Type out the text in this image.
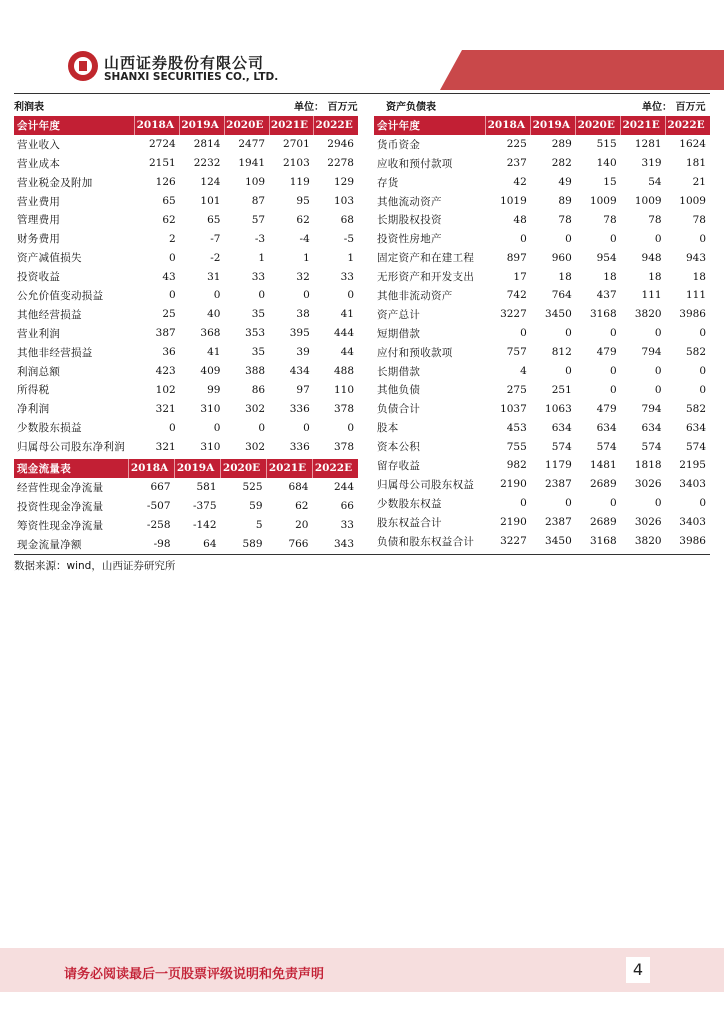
山西证券股份有限公司
SHANXI SECURITIES CO., LTD.
证券研究报告：公司研究/点评报告
利润表	单位： 百万元	资产负债表	单位： 百万元
会计年度	2018A	2019A	2020E	2021E	2022E
营业收入	2724	2814	2477	2701	2946
营业成本	2151	2232	1941	2103	2278
营业税金及附加	126	124	109	119	129
营业费用	65	101	87	95	103
管理费用	62	65	57	62	68
财务费用	2	-7	-3	-4	-5
资产减值损失	0	-2	1	1	1
投资收益	43	31	33	32	33
公允价值变动损益	0	0	0	0	0
其他经营损益	25	40	35	38	41
营业利润	387	368	353	395	444
其他非经营损益	36	41	35	39	44
利润总额	423	409	388	434	488
所得税	102	99	86	97	110
净利润	321	310	302	336	378
少数股东损益	0	0	0	0	0
归属母公司股东净利润	321	310	302	336	378
会计年度	2018A	2019A	2020E	2021E	2022E
货币资金	225	289	515	1281	1624
应收和预付款项	237	282	140	319	181
存货	42	49	15	54	21
其他流动资产	1019	89	1009	1009	1009
长期股权投资	48	78	78	78	78
投资性房地产	0	0	0	0	0
固定资产和在建工程	897	960	954	948	943
无形资产和开发支出	17	18	18	18	18
其他非流动资产	742	764	437	111	111
资产总计	3227	3450	3168	3820	3986
短期借款	0	0	0	0	0
应付和预收款项	757	812	479	794	582
长期借款	4	0	0	0	0
其他负债	275	251	0	0	0
负债合计	1037	1063	479	794	582
股本	453	634	634	634	634
资本公积	755	574	574	574	574
留存收益	982	1179	1481	1818	2195
归属母公司股东权益	2190	2387	2689	3026	3403
少数股东权益	0	0	0	0	0
股东权益合计	2190	2387	2689	3026	3403
负债和股东权益合计	3227	3450	3168	3820	3986
现金流量表	2018A	2019A	2020E	2021E	2022E
经营性现金净流量	667	581	525	684	244
投资性现金净流量	-507	-375	59	62	66
筹资性现金净流量	-258	-142	5	20	33
现金流量净额	-98	64	589	766	343
数据来源：wind，山西证券研究所
请务必阅读最后一页股票评级说明和免责声明	4
